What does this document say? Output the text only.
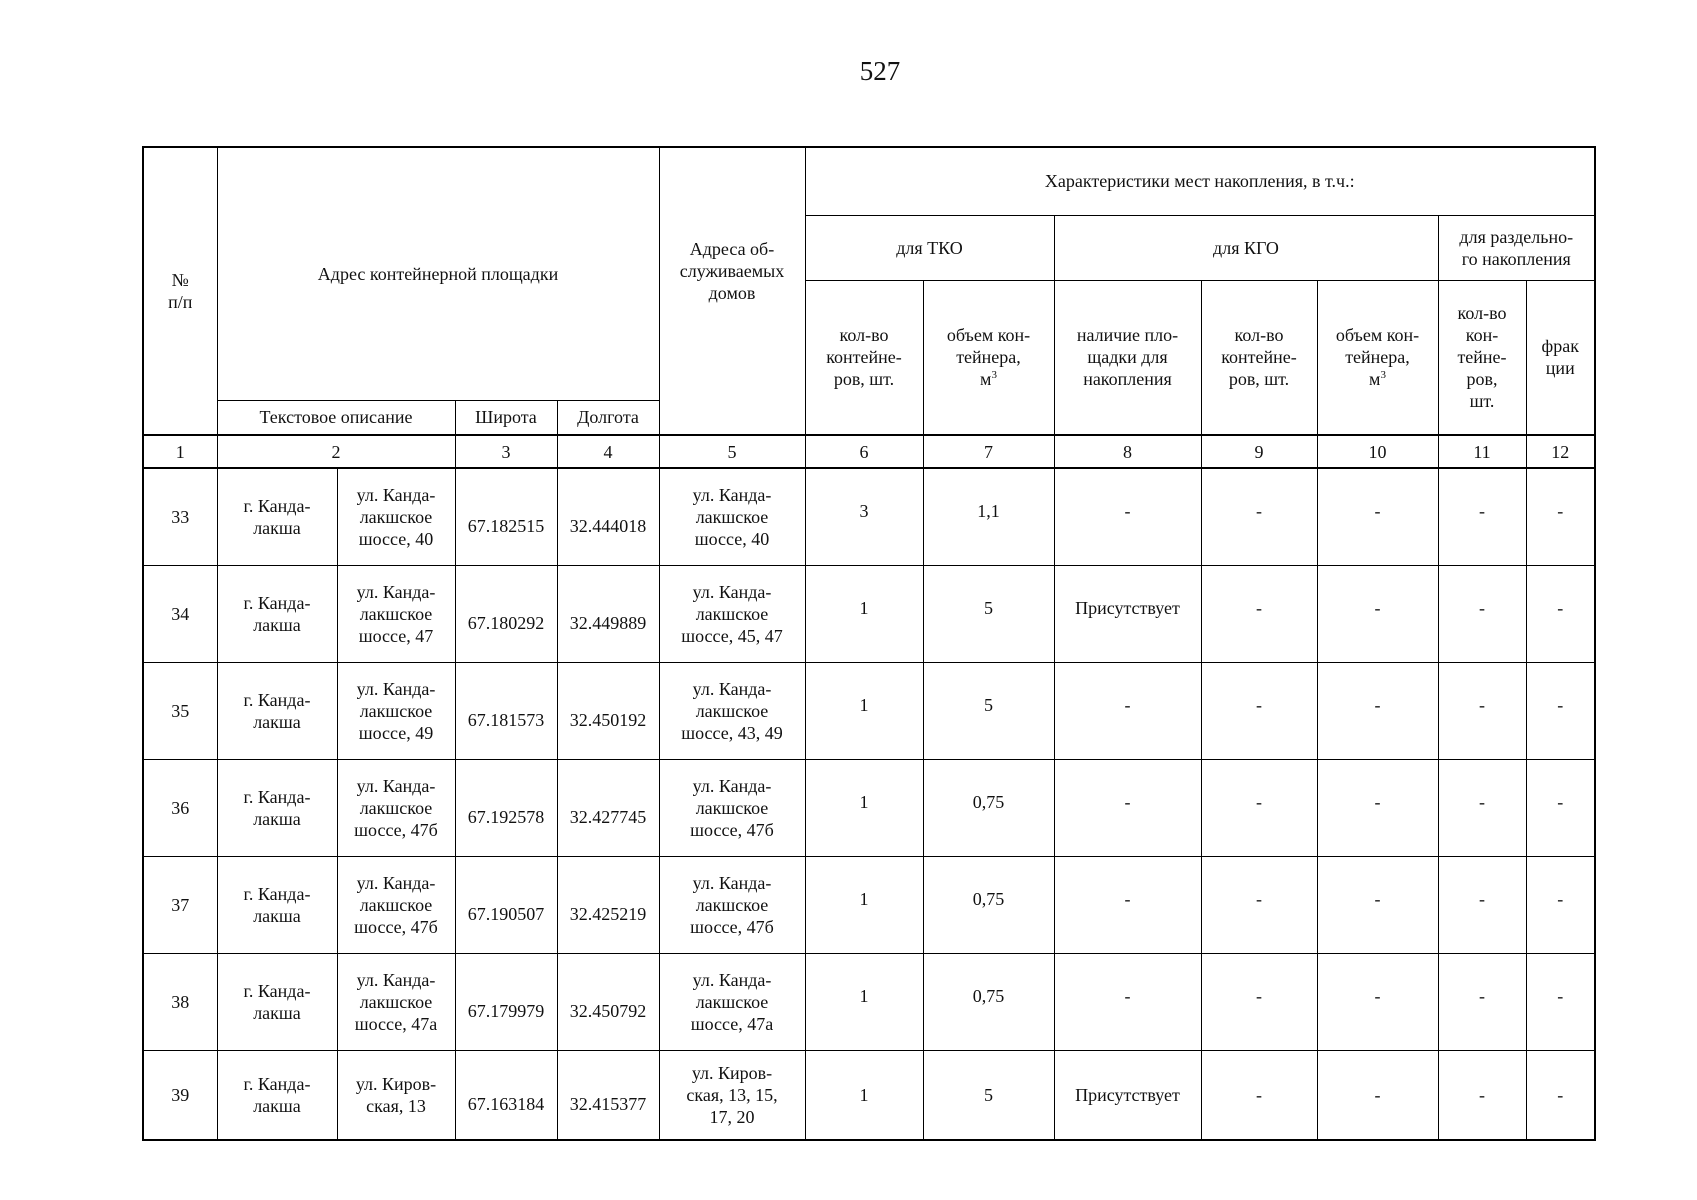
527
№
п/п	Адрес контейнерной площадки				Адреса об-
служиваемых
домов	Характеристики мест накопления, в т.ч.:						
						для ТКО		для КГО			для раздельно-
го накопления	
						кол-во
контейне-
ров, шт.	объем кон-
тейнера,
$м^3$	наличие пло-
щадки для
накопления	кол-во
контейне-
ров, шт.	объем кон-
тейнера,
$м^3$	кол-во
кон-
тейне-
ров,
шт.	фрак
ции
	Текстовое описание		Широта	Долгота								
1	2		3	4	5	6	7	8	9	10	11	12
33	г. Канда-
лакша	ул. Канда-
лакшское
шоссе, 40	67.182515	32.444018	ул. Канда-
лакшское
шоссе, 40	3	1,1	-	-	-	-	-
34	г. Канда-
лакша	ул. Канда-
лакшское
шоссе, 47	67.180292	32.449889	ул. Канда-
лакшское
шоссе, 45, 47	1	5	Присутствует	-	-	-	-
35	г. Канда-
лакша	ул. Канда-
лакшское
шоссе, 49	67.181573	32.450192	ул. Канда-
лакшское
шоссе, 43, 49	1	5	-	-	-	-	-
36	г. Канда-
лакша	ул. Канда-
лакшское
шоссе, 47б	67.192578	32.427745	ул. Канда-
лакшское
шоссе, 47б	1	0,75	-	-	-	-	-
37	г. Канда-
лакша	ул. Канда-
лакшское
шоссе, 47б	67.190507	32.425219	ул. Канда-
лакшское
шоссе, 47б	1	0,75	-	-	-	-	-
38	г. Канда-
лакша	ул. Канда-
лакшское
шоссе, 47а	67.179979	32.450792	ул. Канда-
лакшское
шоссе, 47а	1	0,75	-	-	-	-	-
39	г. Канда-
лакша	ул. Киров-
ская, 13	67.163184	32.415377	ул. Киров-
ская, 13, 15,
17, 20	1	5	Присутствует	-	-	-	-
